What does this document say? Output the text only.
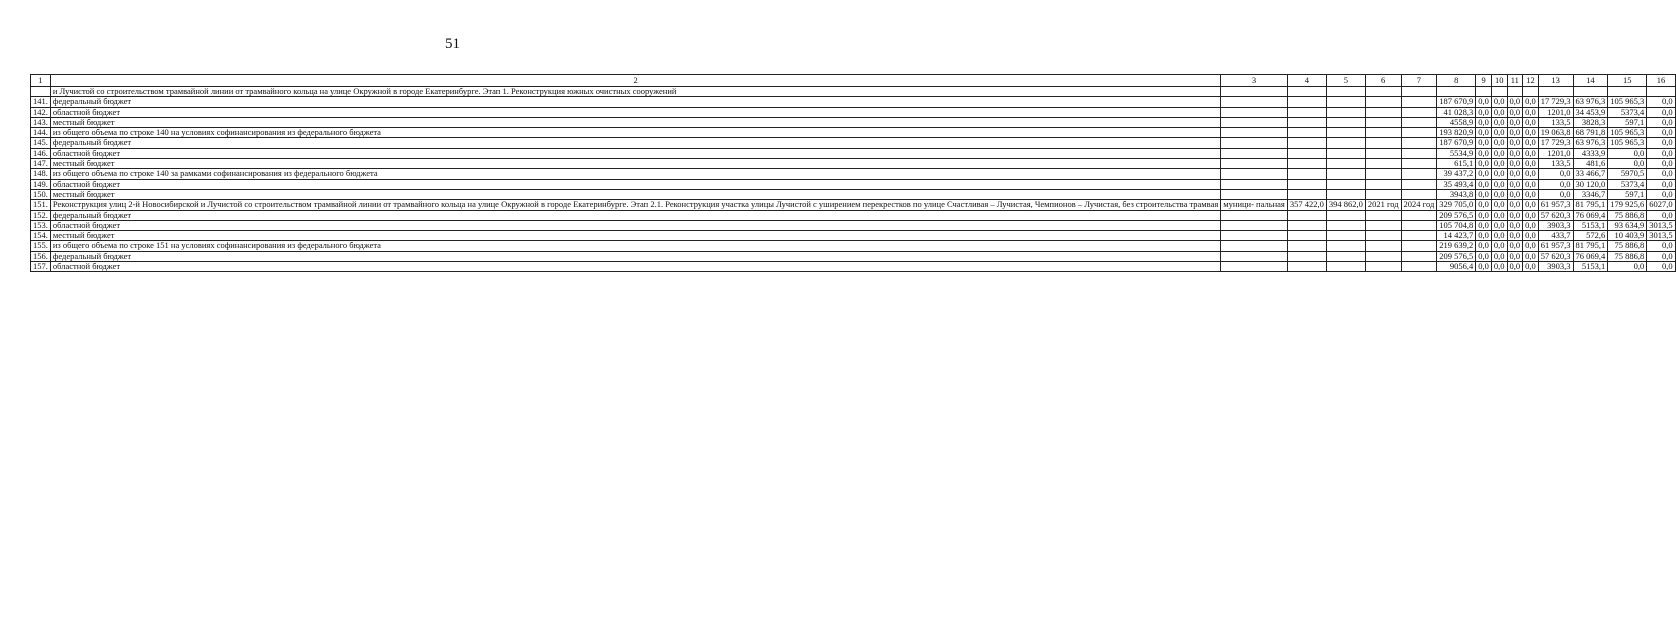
51
1	2	3	4	5	6	7	8	9	10	11	12	13	14	15	16
	и Лучистой со строительством трамвайной линии от трамвайного кольца на улице Окружной в городе Екатеринбурге. Этап 1. Реконструкция южных очистных сооружений														
141.	федеральный бюджет						187 670,9	0,0	0,0	0,0	0,0	17 729,3	63 976,3	105 965,3	0,0
142.	областной бюджет						41 028,3	0,0	0,0	0,0	0,0	1201,0	34 453,9	5373,4	0,0
143.	местный бюджет						4558,9	0,0	0,0	0,0	0,0	133,5	3828,3	597,1	0,0
144.	из общего объема по строке 140 на условиях софинансирования из федерального бюджета						193 820,9	0,0	0,0	0,0	0,0	19 063,8	68 791,8	105 965,3	0,0
145.	федеральный бюджет						187 670,9	0,0	0,0	0,0	0,0	17 729,3	63 976,3	105 965,3	0,0
146.	областной бюджет						5534,9	0,0	0,0	0,0	0,0	1201,0	4333,9	0,0	0,0
147.	местный бюджет						615,1	0,0	0,0	0,0	0,0	133,5	481,6	0,0	0,0
148.	из общего объема по строке 140 за рамками софинансирования из федерального бюджета						39 437,2	0,0	0,0	0,0	0,0	0,0	33 466,7	5970,5	0,0
149.	областной бюджет						35 493,4	0,0	0,0	0,0	0,0	0,0	30 120,0	5373,4	0,0
150.	местный бюджет						3943,8	0,0	0,0	0,0	0,0	0,0	3346,7	597,1	0,0
151.	Реконструкция улиц 2-й Новосибирской и Лучистой со строительством трамвайной линии от трамвайного кольца на улице Окружной в городе Екатеринбурге. Этап 2.1. Реконструкция участка улицы Лучистой с уширением перекрестков по улице Счастливая – Лучистая, Чемпионов – Лучистая, без строительства трамвая	муници- пальная	357 422,0	394 862,0	2021 год	2024 год	329 705,0	0,0	0,0	0,0	0,0	61 957,3	81 795,1	179 925,6	6027,0
152.	федеральный бюджет						209 576,5	0,0	0,0	0,0	0,0	57 620,3	76 069,4	75 886,8	0,0
153.	областной бюджет						105 704,8	0,0	0,0	0,0	0,0	3903,3	5153,1	93 634,9	3013,5
154.	местный бюджет						14 423,7	0,0	0,0	0,0	0,0	433,7	572,6	10 403,9	3013,5
155.	из общего объема по строке 151 на условиях софинансирования из федерального бюджета						219 639,2	0,0	0,0	0,0	0,0	61 957,3	81 795,1	75 886,8	0,0
156.	федеральный бюджет						209 576,5	0,0	0,0	0,0	0,0	57 620,3	76 069,4	75 886,8	0,0
157.	областной бюджет						9056,4	0,0	0,0	0,0	0,0	3903,3	5153,1	0,0	0,0
